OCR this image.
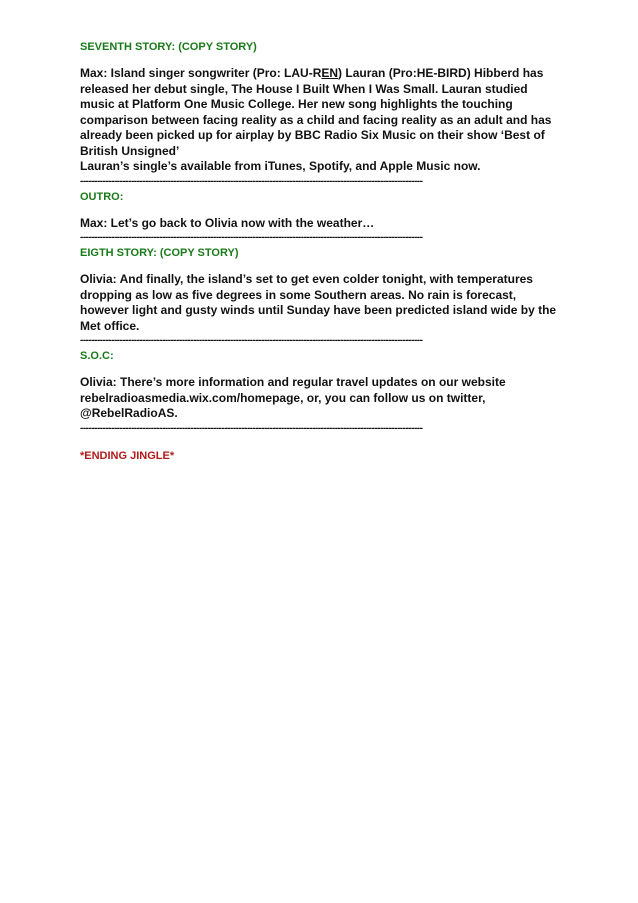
SEVENTH STORY: (COPY STORY)

Max: Island singer songwriter (Pro: LAU-REN) Lauran (Pro:HE-BIRD) Hibberd has released her debut single, The House I Built When I Was Small. Lauran studied music at Platform One Music College. Her new song highlights the touching comparison between facing reality as a child and facing reality as an adult and has already been picked up for airplay by BBC Radio Six Music on their show ‘Best of British Unsigned’
Lauran’s single’s available from iTunes, Spotify, and Apple Music now.

-------------------------------------------------------------------------------------------------------------------------

OUTRO:

Max: Let’s go back to Olivia now with the weather…

-------------------------------------------------------------------------------------------------------------------------

EIGTH STORY: (COPY STORY)

Olivia: And finally, the island’s set to get even colder tonight, with temperatures dropping as low as five degrees in some Southern areas. No rain is forecast, however light and gusty winds until Sunday have been predicted island wide by the Met office.

-------------------------------------------------------------------------------------------------------------------------

S.O.C:

Olivia: There’s more information and regular travel updates on our website rebelradioasmedia.wix.com/homepage, or, you can follow us on twitter, @RebelRadioAS.

-------------------------------------------------------------------------------------------------------------------------

*ENDING JINGLE*
